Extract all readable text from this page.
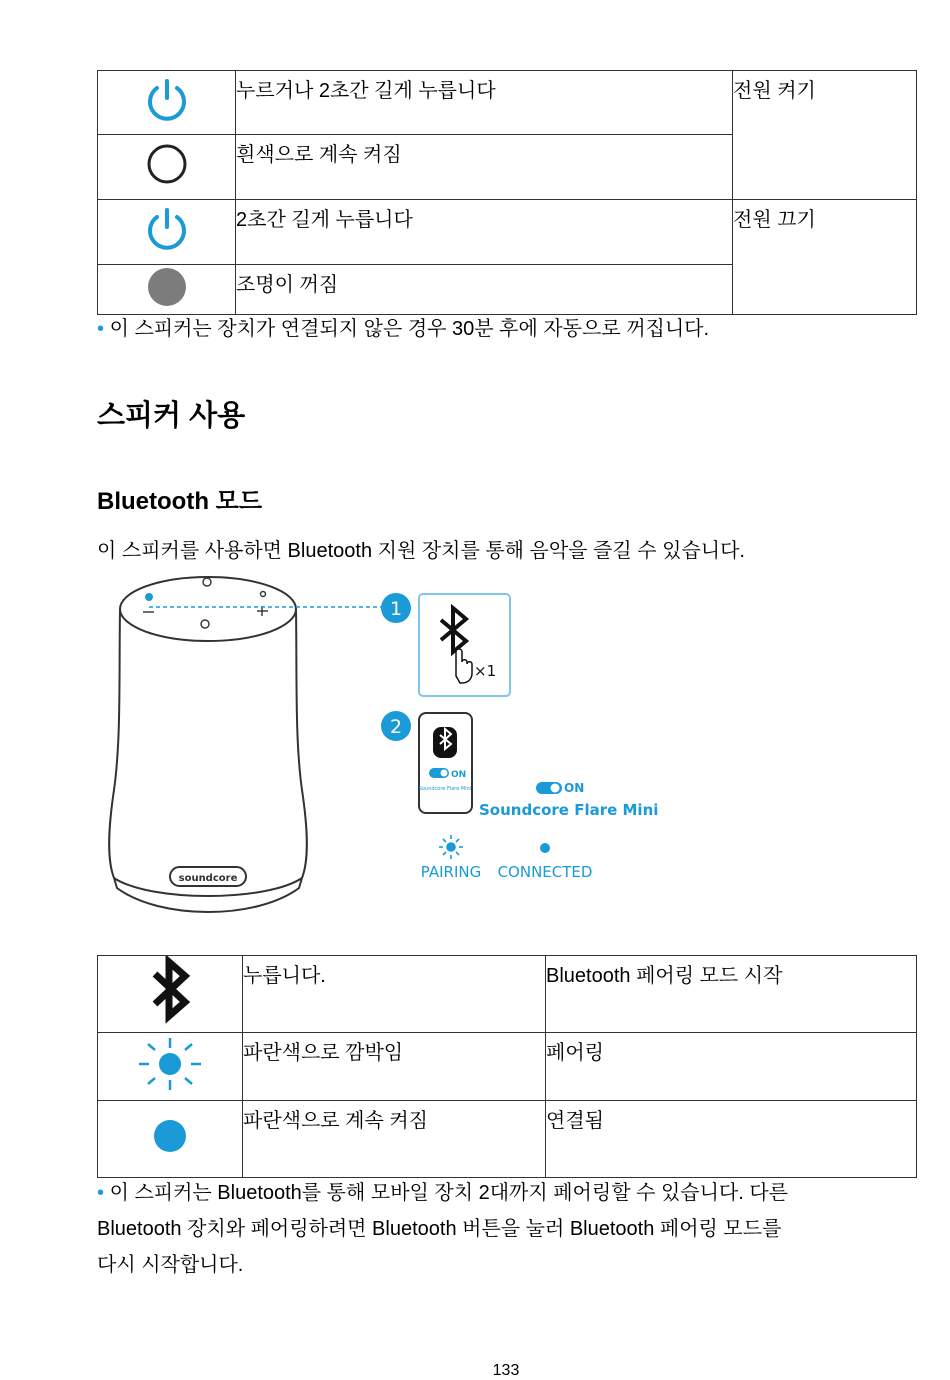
누르거나 2초간 길게 누릅니다	전원 켜기

흰색으로 계속 켜짐	

2초간 길게 누릅니다	전원 끄기

조명이 꺼짐	
• 이 스피커는 장치가 연결되지 않은 경우 30분 후에 자동으로 꺼집니다.
스피커 사용
Bluetooth 모드
이 스피커를 사용하면 Bluetooth 지원 장치를 통해 음악을 즐길 수 있습니다.
soundcore
1
×1
2
ON
Soundcore Flare Mini	ON
Soundcore Flare Mini
PAIRING CONNECTED

누릅니다.	Bluetooth 페어링 모드 시작

파란색으로 깜박임	페어링

파란색으로 계속 켜짐	연결됨
• 이 스피커는 Bluetooth를 통해 모바일 장치 2대까지 페어링할 수 있습니다. 다른
Bluetooth 장치와 페어링하려면 Bluetooth 버튼을 눌러 Bluetooth 페어링 모드를
다시 시작합니다.
133
